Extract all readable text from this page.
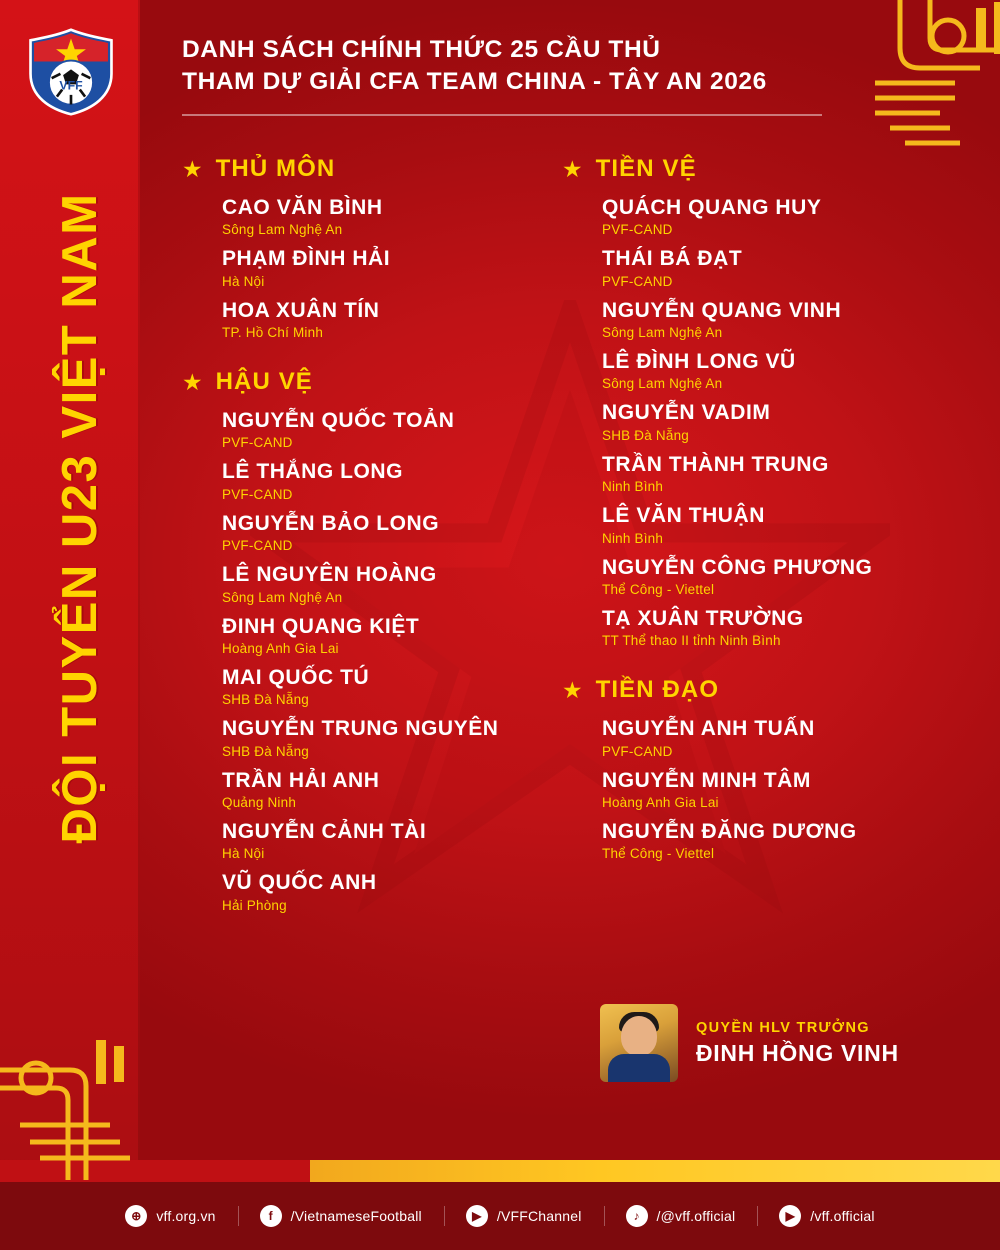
VFF
ĐỘI TUYỂN U23 VIỆT NAM
DANH SÁCH CHÍNH THỨC 25 CẦU THỦ
THAM DỰ GIẢI CFA TEAM CHINA - TÂY AN 2026
★ THỦ MÔN
CAO VĂN BÌNH
Sông Lam Nghệ An
PHẠM ĐÌNH HẢI
Hà Nội
HOA XUÂN TÍN
TP. Hồ Chí Minh
★ HẬU VỆ
NGUYỄN QUỐC TOẢN
PVF-CAND
LÊ THẮNG LONG
PVF-CAND
NGUYỄN BẢO LONG
PVF-CAND
LÊ NGUYÊN HOÀNG
Sông Lam Nghệ An
ĐINH QUANG KIỆT
Hoàng Anh Gia Lai
MAI QUỐC TÚ
SHB Đà Nẵng
NGUYỄN TRUNG NGUYÊN
SHB Đà Nẵng
TRẦN HẢI ANH
Quảng Ninh
NGUYỄN CẢNH TÀI
Hà Nội
VŨ QUỐC ANH
Hải Phòng
★ TIỀN VỆ
QUÁCH QUANG HUY
PVF-CAND
THÁI BÁ ĐẠT
PVF-CAND
NGUYỄN QUANG VINH
Sông Lam Nghệ An
LÊ ĐÌNH LONG VŨ
Sông Lam Nghệ An
NGUYỄN VADIM
SHB Đà Nẵng
TRẦN THÀNH TRUNG
Ninh Bình
LÊ VĂN THUẬN
Ninh Bình
NGUYỄN CÔNG PHƯƠNG
Thể Công - Viettel
TẠ XUÂN TRƯỜNG
TT Thể thao II tỉnh Ninh Bình
★ TIỀN ĐẠO
NGUYỄN ANH TUẤN
PVF-CAND
NGUYỄN MINH TÂM
Hoàng Anh Gia Lai
NGUYỄN ĐĂNG DƯƠNG
Thể Công - Viettel
QUYỀN HLV TRƯỞNG
ĐINH HỒNG VINH
⊕	vff.org.vn	f	/VietnameseFootball	▶	/VFFChannel	♪	/@vff.official	▶	/vff.official
